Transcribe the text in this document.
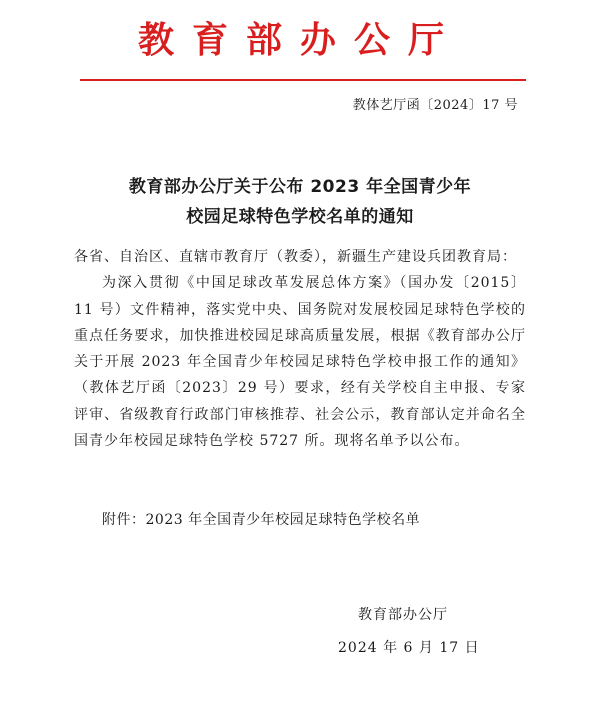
教育部办公厅
教体艺厅函〔2024〕17 号
教育部办公厅关于公布 2023 年全国青少年
校园足球特色学校名单的通知

各省、自治区、直辖市教育厅（教委），新疆生产建设兵团教育局：

为深入贯彻《中国足球改革发展总体方案》（国办发〔2015〕11 号）文件精神，落实党中央、国务院对发展校园足球特色学校的重点任务要求，加快推进校园足球高质量发展，根据《教育部办公厅关于开展 2023 年全国青少年校园足球特色学校申报工作的通知》（教体艺厅函〔2023〕29 号）要求，经有关学校自主申报、专家评审、省级教育行政部门审核推荐、社会公示，教育部认定并命名全国青少年校园足球特色学校 5727 所。现将名单予以公布。

附件：2023 年全国青少年校园足球特色学校名单
教育部办公厅
2024 年 6 月 17 日
